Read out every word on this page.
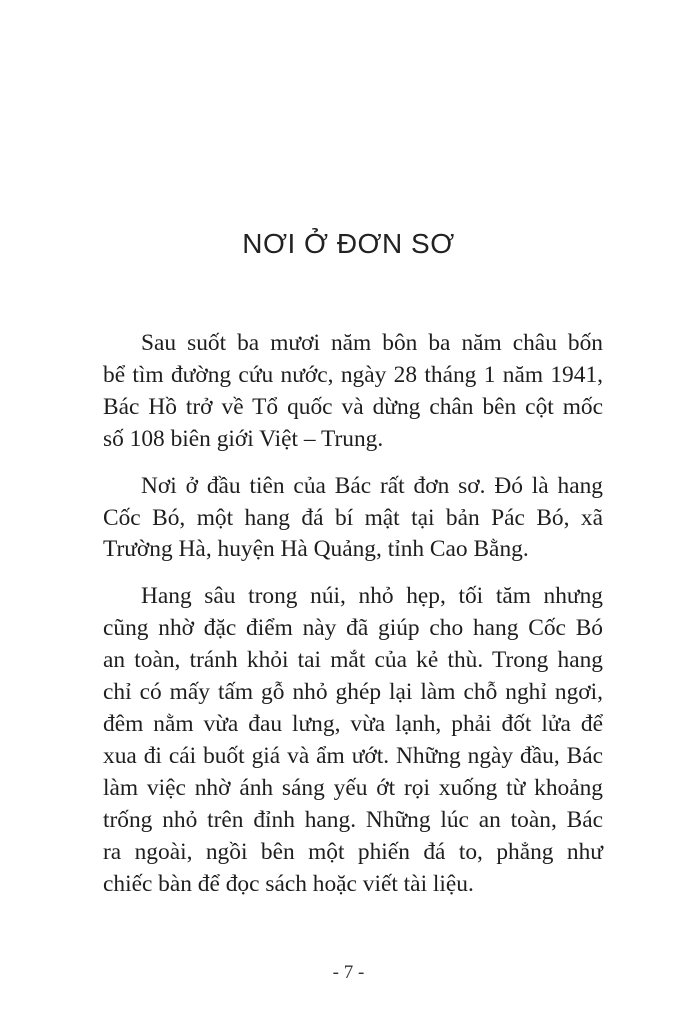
NƠI Ở ĐƠN SƠ

Sau suốt ba mươi năm bôn ba năm châu bốn
bể tìm đường cứu nước, ngày 28 tháng 1 năm 1941,
Bác Hồ trở về Tổ quốc và dừng chân bên cột mốc
số 108 biên giới Việt – Trung.

Nơi ở đầu tiên của Bác rất đơn sơ. Đó là hang
Cốc Bó, một hang đá bí mật tại bản Pác Bó, xã
Trường Hà, huyện Hà Quảng, tỉnh Cao Bằng.

Hang sâu trong núi, nhỏ hẹp, tối tăm nhưng
cũng nhờ đặc điểm này đã giúp cho hang Cốc Bó
an toàn, tránh khỏi tai mắt của kẻ thù. Trong hang
chỉ có mấy tấm gỗ nhỏ ghép lại làm chỗ nghỉ ngơi,
đêm nằm vừa đau lưng, vừa lạnh, phải đốt lửa để
xua đi cái buốt giá và ẩm ướt. Những ngày đầu, Bác
làm việc nhờ ánh sáng yếu ớt rọi xuống từ khoảng
trống nhỏ trên đỉnh hang. Những lúc an toàn, Bác
ra ngoài, ngồi bên một phiến đá to, phẳng như
chiếc bàn để đọc sách hoặc viết tài liệu.

- 7 -
